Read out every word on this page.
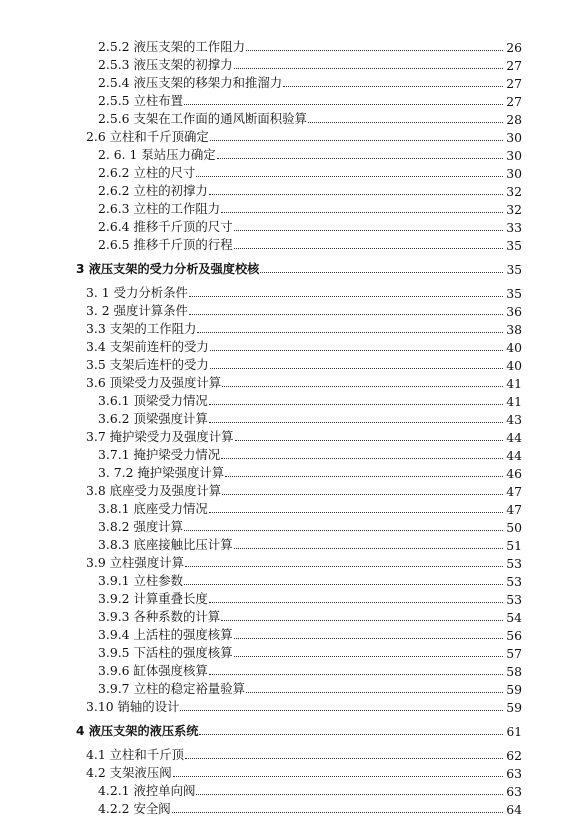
2.5.2 液压支架的工作阻力	26
2.5.3 液压支架的初撑力	27
2.5.4 液压支架的移架力和推溜力	27
2.5.5 立柱布置	27
2.5.6 支架在工作面的通风断面积验算	28
2.6 立柱和千斤顶确定	30
2. 6. 1 泵站压力确定	30
2.6.2 立柱的尺寸	30
2.6.2 立柱的初撑力	32
2.6.3 立柱的工作阻力	32
2.6.4 推移千斤顶的尺寸	33
2.6.5 推移千斤顶的行程	35
3 液压支架的受力分析及强度校核	35
3. 1 受力分析条件	35
3. 2 强度计算条件	36
3.3 支架的工作阻力	38
3.4 支架前连杆的受力	40
3.5 支架后连杆的受力	40
3.6 顶梁受力及强度计算	41
3.6.1 顶梁受力情况	41
3.6.2 顶梁强度计算	43
3.7 掩护梁受力及强度计算	44
3.7.1 掩护梁受力情况	44
3. 7.2 掩护梁强度计算	46
3.8 底座受力及强度计算	47
3.8.1 底座受力情况	47
3.8.2 强度计算	50
3.8.3 底座接触比压计算	51
3.9 立柱强度计算	53
3.9.1 立柱参数	53
3.9.2 计算重叠长度	53
3.9.3 各种系数的计算	54
3.9.4 上活柱的强度核算	56
3.9.5 下活柱的强度核算	57
3.9.6 缸体强度核算	58
3.9.7 立柱的稳定裕量验算	59
3.10 销轴的设计	59
4 液压支架的液压系统	61
4.1 立柱和千斤顶	62
4.2 支架液压阀	63
4.2.1 液控单向阀	63
4.2.2 安全阀	64
